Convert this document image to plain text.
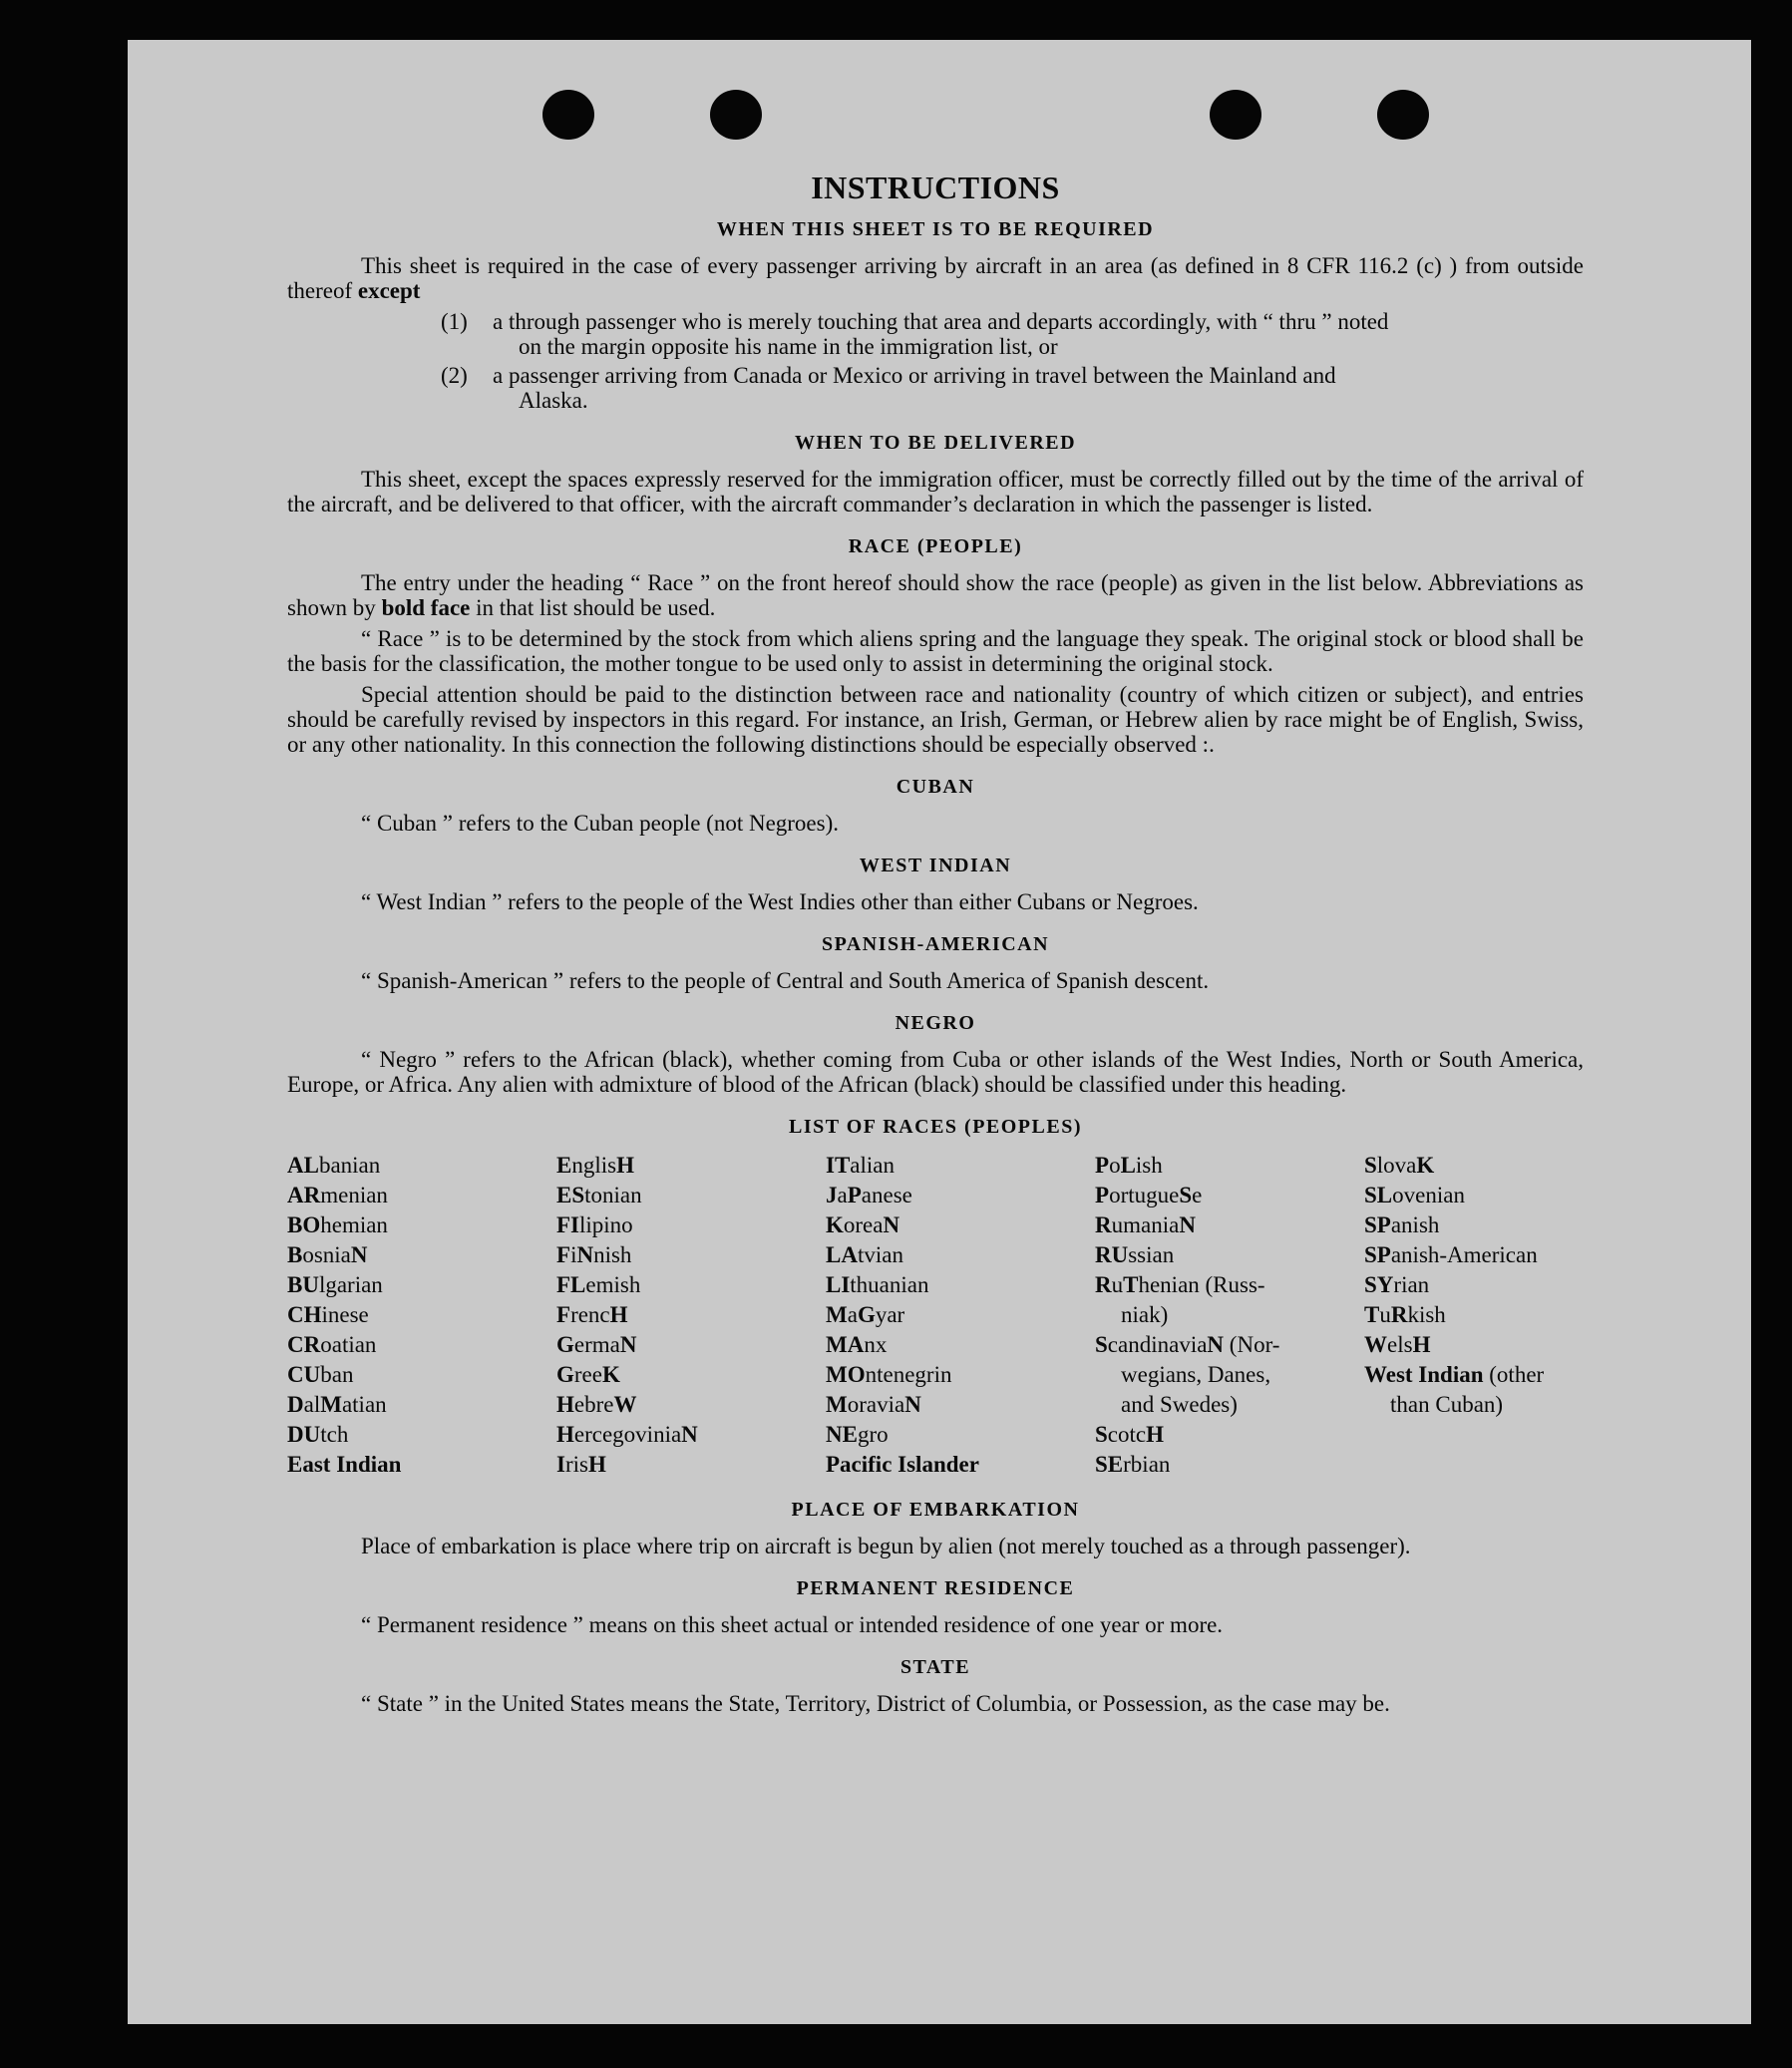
INSTRUCTIONS
WHEN THIS SHEET IS TO BE REQUIRED

This sheet is required in the case of every passenger arriving by aircraft in an area (as defined in 8 CFR 116.2 (c) ) from outside thereof except

(1)	a through passenger who is merely touching that area and departs accordingly, with “ thru ” noted
on the margin opposite his name in the immigration list, or
(2)	a passenger arriving from Canada or Mexico or arriving in travel between the Mainland and
Alaska.
WHEN TO BE DELIVERED

This sheet, except the spaces expressly reserved for the immigration officer, must be correctly filled out by the time of the arrival of the aircraft, and be delivered to that officer, with the aircraft commander’s declaration in which the passenger is listed.

RACE (PEOPLE)

The entry under the heading “ Race ” on the front hereof should show the race (people) as given in the list below. Abbreviations as shown by bold face in that list should be used.

“ Race ” is to be determined by the stock from which aliens spring and the language they speak. The original stock or blood shall be the basis for the classification, the mother tongue to be used only to assist in determining the original stock.

Special attention should be paid to the distinction between race and nationality (country of which citizen or subject), and entries should be carefully revised by inspectors in this regard. For instance, an Irish, German, or Hebrew alien by race might be of English, Swiss, or any other nationality. In this connection the following distinctions should be especially observed :.

CUBAN

“ Cuban ” refers to the Cuban people (not Negroes).

WEST INDIAN

“ West Indian ” refers to the people of the West Indies other than either Cubans or Negroes.

SPANISH-AMERICAN

“ Spanish-American ” refers to the people of Central and South America of Spanish descent.

NEGRO

“ Negro ” refers to the African (black), whether coming from Cuba or other islands of the West Indies, North or South America, Europe, or Africa. Any alien with admixture of blood of the African (black) should be classified under this heading.

LIST OF RACES (PEOPLES)
ALbanian
ARmenian
BOhemian
BosniaN
BUlgarian
CHinese
CRoatian
CUban
DalMatian
DUtch
East Indian
EnglisH
EStonian
FIlipino
FiNnish
FLemish
FrencH
GermaN
GreeK
HebreW
HercegoviniaN
IrisH
ITalian
JaPanese
KoreaN
LAtvian
LIthuanian
MaGyar
MAnx
MOntenegrin
MoraviaN
NEgro
Pacific Islander
PoLish
PortugueSe
RumaniaN
RUssian
RuThenian (Russ-
niak)
ScandinaviaN (Nor-
wegians, Danes,
and Swedes)
ScotcH
SErbian
SlovaK
SLovenian
SPanish
SPanish-American
SYrian
TuRkish
WelsH
West Indian (other
than Cuban)
PLACE OF EMBARKATION

Place of embarkation is place where trip on aircraft is begun by alien (not merely touched as a through passenger).

PERMANENT RESIDENCE

“ Permanent residence ” means on this sheet actual or intended residence of one year or more.

STATE

“ State ” in the United States means the State, Territory, District of Columbia, or Possession, as the case may be.
